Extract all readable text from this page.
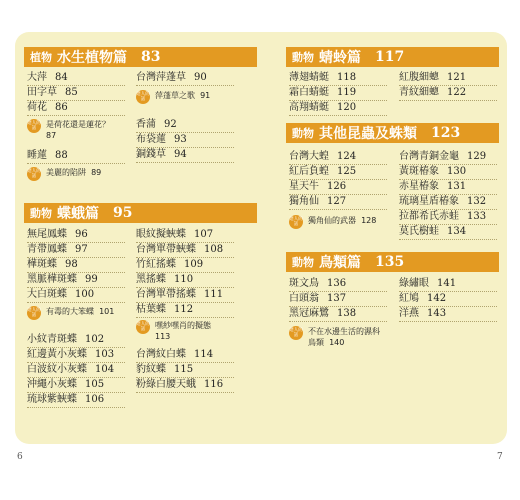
植物 水生植物篇 83
大萍 84
田字草 85
荷花 86
達人的話	是荷花還是蓮花？
87
睡蓮 88
達人的話	美麗的陷阱 89
台灣萍蓬草 90
達人的話	萍蓬草之歌 91
香蒲 92
布袋蓮 93
銅錢草 94
動物 蝶蛾篇 95
無尾鳳蝶 96
青帶鳳蝶 97
樺斑蝶 98
黑脈樺斑蝶 99
大白斑蝶 100
達人的話	有毒的大笨蝶 101
小紋青斑蝶 102
紅邊黃小灰蝶 103
白波紋小灰蝶 104
沖繩小灰蝶 105
琉球紫蛺蝶 106
眼紋擬蛺蝶 107
台灣單帶蛺蝶 108
竹紅搖蝶 109
黑搖蝶 110
台灣單帶搖蝶 111
枯葉蝶 112
達人的話	嘿紗嘿肖的擬態
113
台灣紋白蝶 114
豹紋蝶 115
粉綠白腰天蛾 116
動物 蜻蛉篇 117
薄翅蜻蜓 118
霜白蜻蜓 119
高翔蜻蜓 120
紅腹細蟌 121
青紋細蟌 122
動物 其他昆蟲及蛛類 123
台灣大蝗 124
紅后負蝗 125
星天牛 126
獨角仙 127
達人的話	獨角仙的武器 128
台灣青銅金龜 129
黃斑椿象 130
赤星椿象 131
琉璃星盾椿象 132
拉都希氏赤蛙 133
莫氏樹蛙 134
動物 鳥類篇 135
斑文鳥 136
白頭翁 137
黑冠麻鷺 138
達人的話	不在水邊生活的濕科
鳥類 140
綠繡眼 141
紅鳩 142
洋燕 143
6	7
